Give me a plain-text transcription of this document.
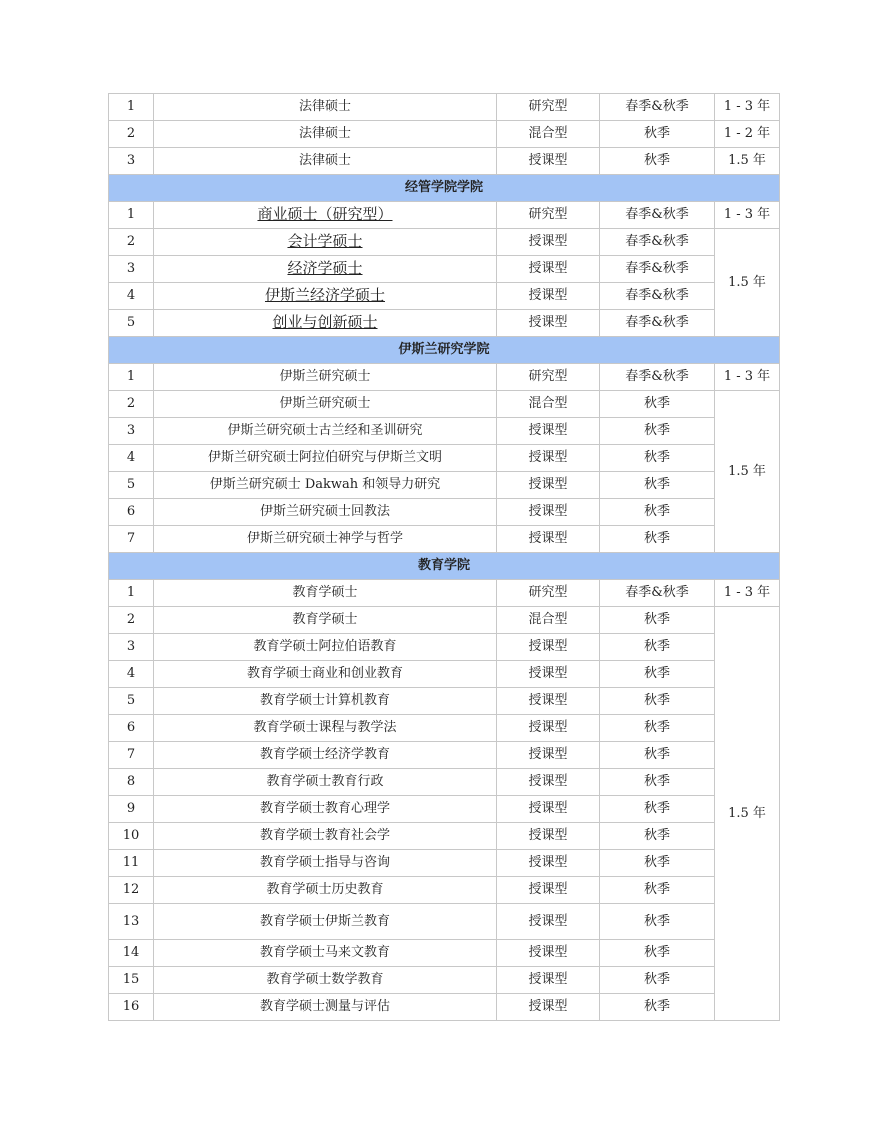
1	法律硕士	研究型	春季&秋季	1 - 3 年
2	法律硕士	混合型	秋季	1 - 2 年
3	法律硕士	授课型	秋季	1.5 年
经管学院学院				
1	商业硕士（研究型）	研究型	春季&秋季	1 - 3 年
2	会计学硕士	授课型	春季&秋季	1.5 年
3	经济学硕士	授课型	春季&秋季	
4	伊斯兰经济学硕士	授课型	春季&秋季	
5	创业与创新硕士	授课型	春季&秋季	
伊斯兰研究学院				
1	伊斯兰研究硕士	研究型	春季&秋季	1 - 3 年
2	伊斯兰研究硕士	混合型	秋季	1.5 年
3	伊斯兰研究硕士古兰经和圣训研究	授课型	秋季	
4	伊斯兰研究硕士阿拉伯研究与伊斯兰文明	授课型	秋季	
5	伊斯兰研究硕士 Dakwah 和领导力研究	授课型	秋季	
6	伊斯兰研究硕士回教法	授课型	秋季	
7	伊斯兰研究硕士神学与哲学	授课型	秋季	
教育学院				
1	教育学硕士	研究型	春季&秋季	1 - 3 年
2	教育学硕士	混合型	秋季	1.5 年
3	教育学硕士阿拉伯语教育	授课型	秋季	
4	教育学硕士商业和创业教育	授课型	秋季	
5	教育学硕士计算机教育	授课型	秋季	
6	教育学硕士课程与教学法	授课型	秋季	
7	教育学硕士经济学教育	授课型	秋季	
8	教育学硕士教育行政	授课型	秋季	
9	教育学硕士教育心理学	授课型	秋季	
10	教育学硕士教育社会学	授课型	秋季	
11	教育学硕士指导与咨询	授课型	秋季	
12	教育学硕士历史教育	授课型	秋季	
13	教育学硕士伊斯兰教育	授课型	秋季	
14	教育学硕士马来文教育	授课型	秋季	
15	教育学硕士数学教育	授课型	秋季	
16	教育学硕士测量与评估	授课型	秋季	
